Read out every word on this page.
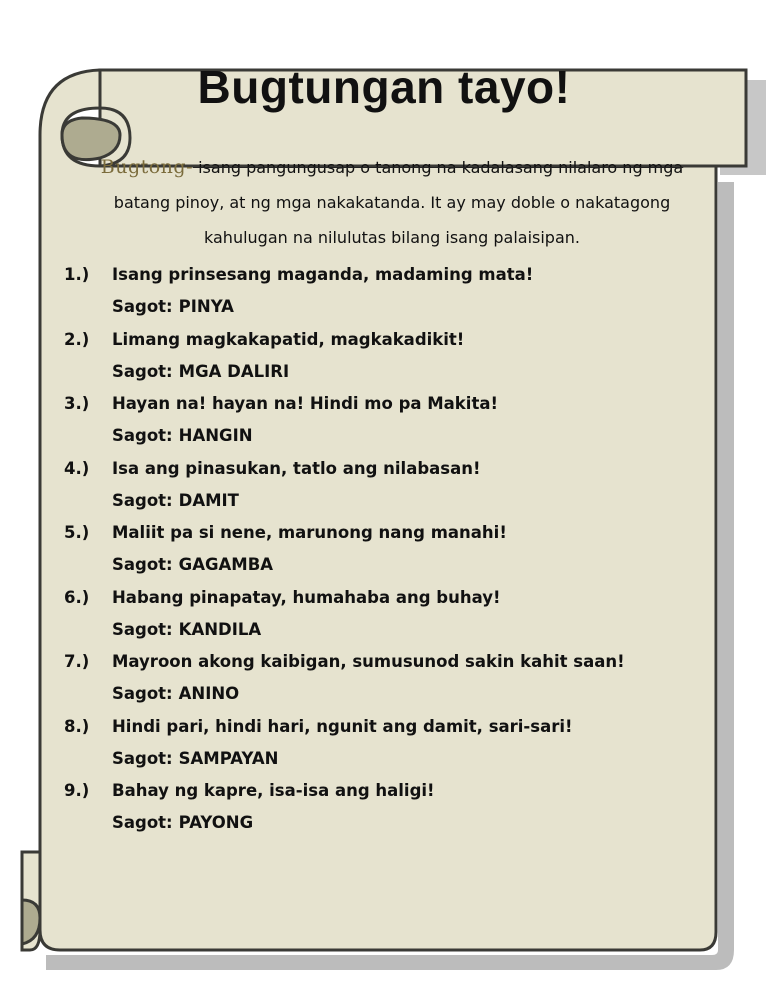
Bugtungan tayo!
Bugtong- isang pangungusap o tanong na kadalasang nilalaro ng mga
batang pinoy, at ng mga nakakatanda. It ay may doble o nakatagong
kahulugan na nilulutas bilang isang palaisipan.
1.) Isang prinsesang maganda, madaming mata!
Sagot: PINYA
2.) Limang magkakapatid, magkakadikit!
Sagot: MGA DALIRI
3.) Hayan na! hayan na! Hindi mo pa Makita!
Sagot: HANGIN
4.) Isa ang pinasukan, tatlo ang nilabasan!
Sagot: DAMIT
5.) Maliit pa si nene, marunong nang manahi!
Sagot: GAGAMBA
6.) Habang pinapatay, humahaba ang buhay!
Sagot: KANDILA
7.) Mayroon akong kaibigan, sumusunod sakin kahit saan!
Sagot: ANINO
8.) Hindi pari, hindi hari, ngunit ang damit, sari-sari!
Sagot: SAMPAYAN
9.) Bahay ng kapre, isa-isa ang haligi!
Sagot: PAYONG
